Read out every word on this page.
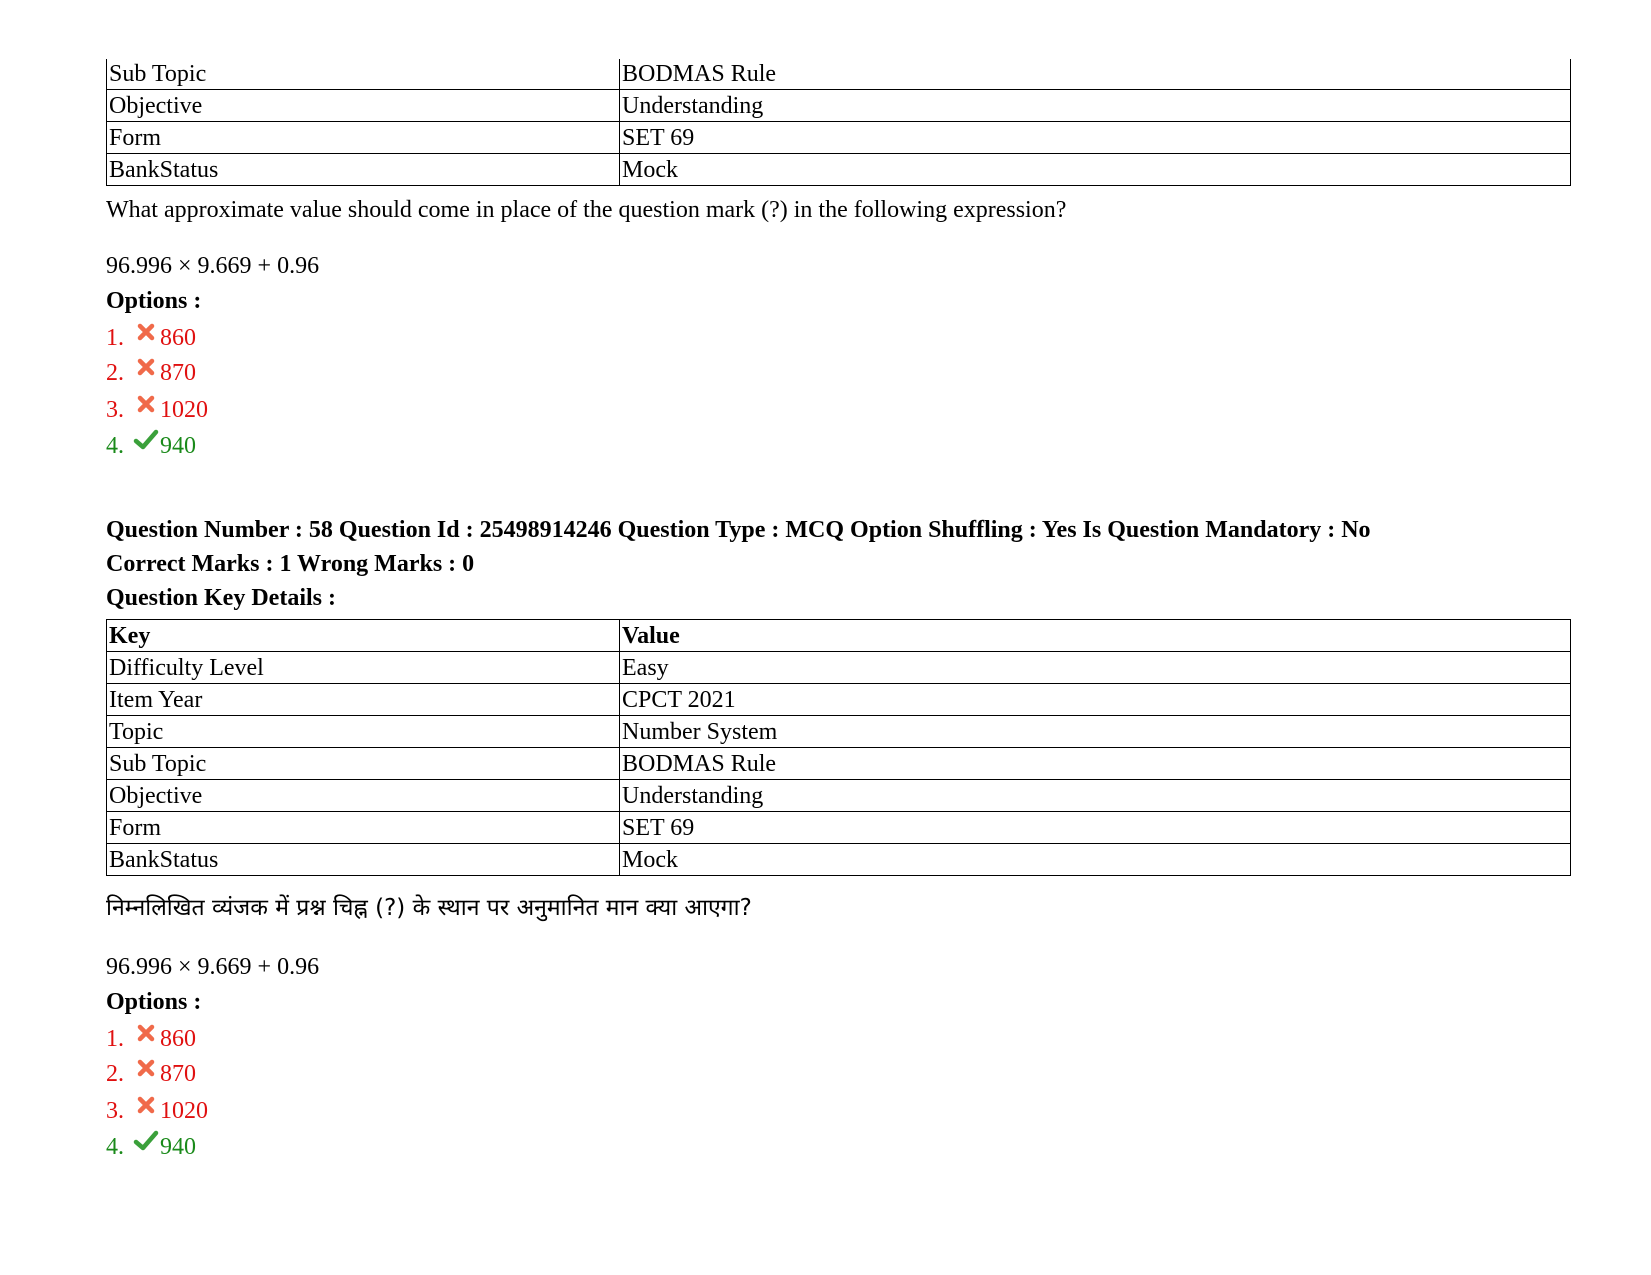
Sub Topic	BODMAS Rule
Objective	Understanding
Form	SET 69
BankStatus	Mock
What approximate value should come in place of the question mark (?) in the following expression?
96.996 × 9.669 + 0.96
Options :
1.	860
2.	870
3.	1020
4.	940
Question Number : 58 Question Id : 25498914246 Question Type : MCQ Option Shuffling : Yes Is Question Mandatory : No
Correct Marks : 1 Wrong Marks : 0
Question Key Details :
Key	Value
Difficulty Level	Easy
Item Year	CPCT 2021
Topic	Number System
Sub Topic	BODMAS Rule
Objective	Understanding
Form	SET 69
BankStatus	Mock
निम्नलिखित व्यंजक में प्रश्न चिह्न (?) के स्थान पर अनुमानित मान क्या आएगा?
96.996 × 9.669 + 0.96
Options :
1.	860
2.	870
3.	1020
4.	940
